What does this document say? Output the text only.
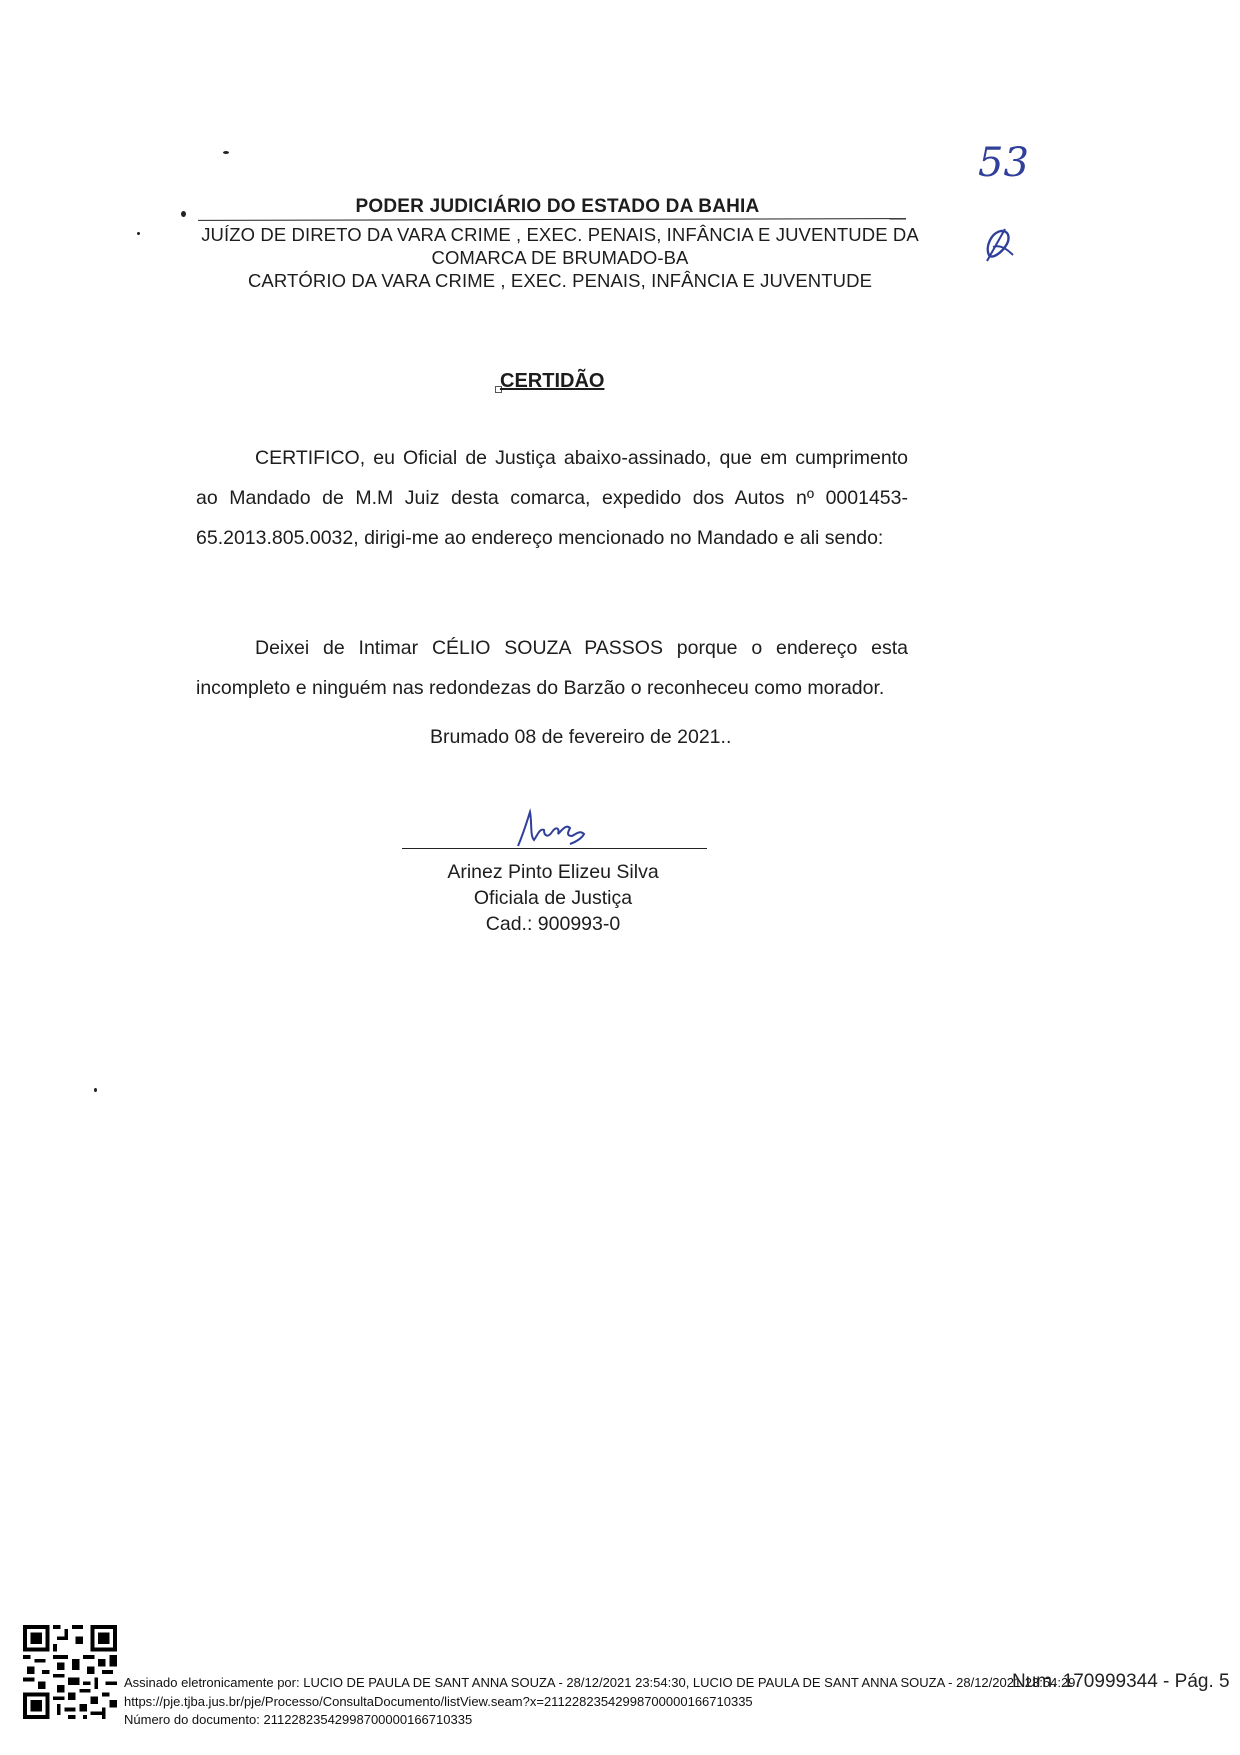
PODER JUDICIÁRIO DO ESTADO DA BAHIA
JUÍZO DE DIRETO DA VARA CRIME , EXEC. PENAIS, INFÂNCIA E JUVENTUDE DA
COMARCA DE BRUMADO-BA
CARTÓRIO DA VARA CRIME , EXEC. PENAIS, INFÂNCIA E JUVENTUDE
53
CERTIDÃO
CERTIFICO, eu Oficial de Justiça abaixo-assinado, que em cumprimento ao Mandado de M.M Juiz desta comarca, expedido dos Autos nº 0001453-65.2013.805.0032, dirigi-me ao endereço mencionado no Mandado e ali sendo:
Deixei de Intimar CÉLIO SOUZA PASSOS porque o endereço esta incompleto e ninguém nas redondezas do Barzão o reconheceu como morador.
Brumado 08 de fevereiro de 2021..
Arinez Pinto Elizeu Silva
Oficiala de Justiça
Cad.: 900993-0
Assinado eletronicamente por: LUCIO DE PAULA DE SANT ANNA SOUZA - 28/12/2021 23:54:30, LUCIO DE PAULA DE SANT ANNA SOUZA - 28/12/2021 23:54:29
https://pje.tjba.jus.br/pje/Processo/ConsultaDocumento/listView.seam?x=21122823542998700000166710335
Número do documento: 21122823542998700000166710335
Num. 170999344 - Pág. 5
